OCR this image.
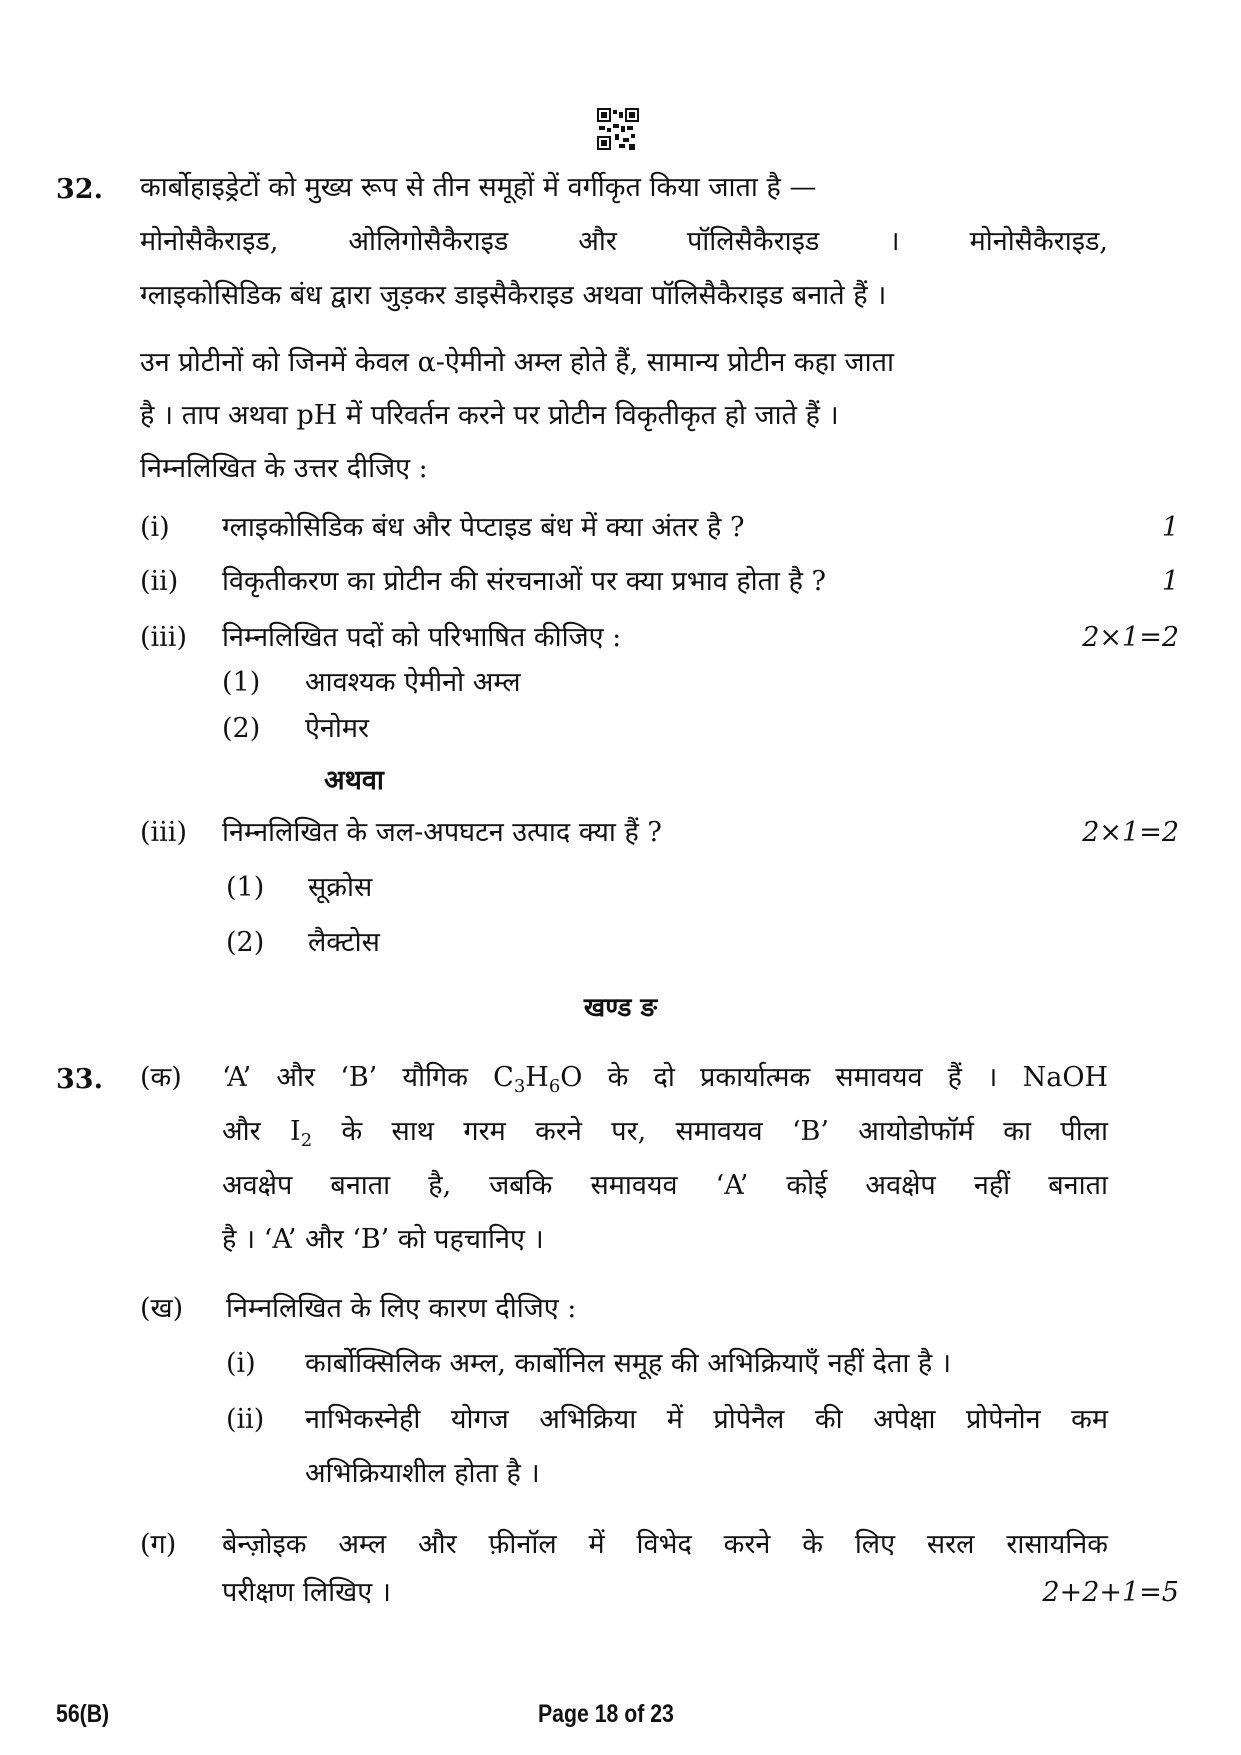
32. कार्बोहाइड्रेटों को मुख्य रूप से तीन समूहों में वर्गीकृत किया जाता है —
मोनोसैकैराइड, ओलिगोसैकैराइड और पॉलिसैकैराइड । मोनोसैकैराइड,
ग्लाइकोसिडिक बंध द्वारा जुड़कर डाइसैकैराइड अथवा पॉलिसैकैराइड बनाते हैं ।
उन प्रोटीनों को जिनमें केवल α-ऐमीनो अम्ल होते हैं, सामान्य प्रोटीन कहा जाता
है । ताप अथवा pH में परिवर्तन करने पर प्रोटीन विकृतीकृत हो जाते हैं ।
निम्नलिखित के उत्तर दीजिए :
(i) ग्लाइकोसिडिक बंध और पेप्टाइड बंध में क्या अंतर है ?	1
(ii) विकृतीकरण का प्रोटीन की संरचनाओं पर क्या प्रभाव होता है ?	1
(iii) निम्नलिखित पदों को परिभाषित कीजिए :	2×1=2
(1) आवश्यक ऐमीनो अम्ल
(2) ऐनोमर
अथवा
(iii) निम्नलिखित के जल-अपघटन उत्पाद क्या हैं ?	2×1=2
(1) सूक्रोस
(2) लैक्टोस
खण्ड ङ
33. (क) ‘A’ और ‘B’ यौगिक $C_3H_6O$ के दो प्रकार्यात्मक समावयव हैं । NaOH
और $I_2$ के साथ गरम करने पर, समावयव ‘B’ आयोडोफॉर्म का पीला
अवक्षेप बनाता है, जबकि समावयव ‘A’ कोई अवक्षेप नहीं बनाता
है । ‘A’ और ‘B’ को पहचानिए ।
(ख) निम्नलिखित के लिए कारण दीजिए :
(i) कार्बोक्सिलिक अम्ल, कार्बोनिल समूह की अभिक्रियाएँ नहीं देता है ।
(ii) नाभिकस्नेही योगज अभिक्रिया में प्रोपेनैल की अपेक्षा प्रोपेनोन कम
अभिक्रियाशील होता है ।
(ग) बेन्ज़ोइक अम्ल और फ़ीनॉल में विभेद करने के लिए सरल रासायनिक
परीक्षण लिखिए ।	2+2+1=5
56(B)	Page 18 of 23
